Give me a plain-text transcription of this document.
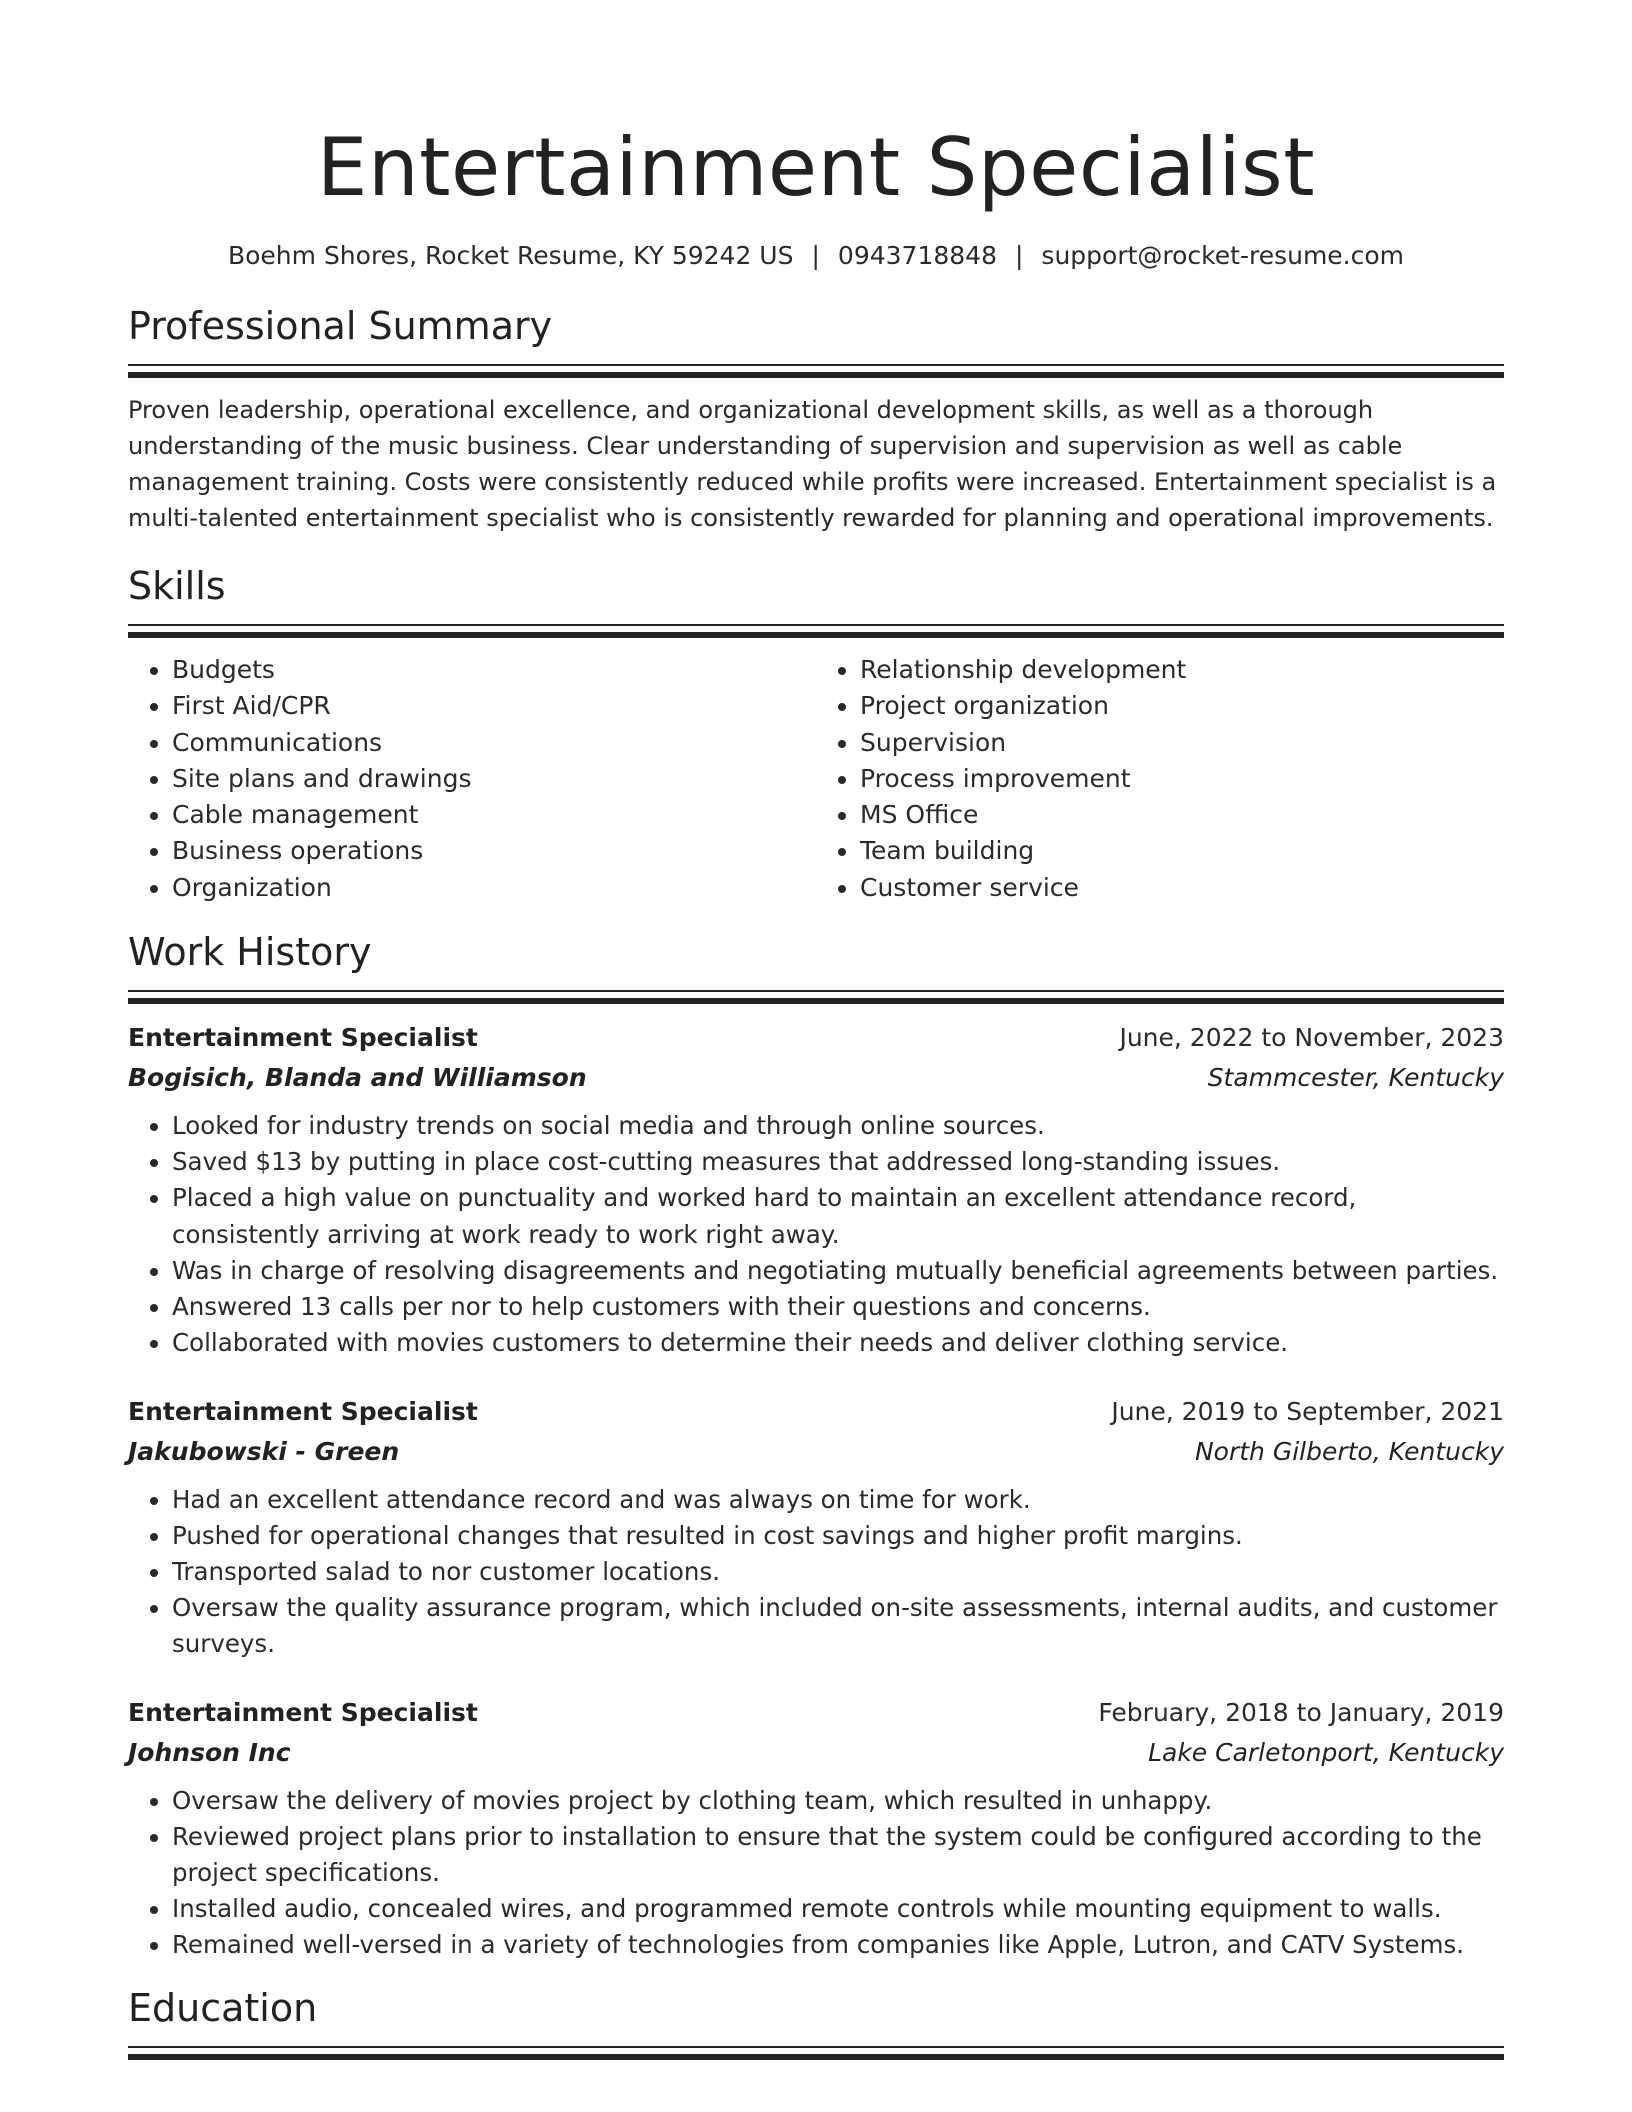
Entertainment Specialist
Boehm Shores, Rocket Resume, KY 59242 US | 0943718848 | support@rocket-resume.com
Professional Summary
Proven leadership, operational excellence, and organizational development skills, as well as a thorough understanding of the music business. Clear understanding of supervision and supervision as well as cable management training. Costs were consistently reduced while profits were increased. Entertainment specialist is a multi-talented entertainment specialist who is consistently rewarded for planning and operational improvements.
Skills
• Budgets
• First Aid/CPR
• Communications
• Site plans and drawings
• Cable management
• Business operations
• Organization
• Relationship development
• Project organization
• Supervision
• Process improvement
• MS Office
• Team building
• Customer service
Work History
Entertainment Specialist	June, 2022 to November, 2023
Bogisich, Blanda and Williamson	Stammcester, Kentucky
• Looked for industry trends on social media and through online sources.
• Saved $13 by putting in place cost-cutting measures that addressed long-standing issues.
• Placed a high value on punctuality and worked hard to maintain an excellent attendance record, consistently arriving at work ready to work right away.
• Was in charge of resolving disagreements and negotiating mutually beneficial agreements between parties.
• Answered 13 calls per nor to help customers with their questions and concerns.
• Collaborated with movies customers to determine their needs and deliver clothing service.
Entertainment Specialist	June, 2019 to September, 2021
Jakubowski - Green	North Gilberto, Kentucky
• Had an excellent attendance record and was always on time for work.
• Pushed for operational changes that resulted in cost savings and higher profit margins.
• Transported salad to nor customer locations.
• Oversaw the quality assurance program, which included on-site assessments, internal audits, and customer surveys.
Entertainment Specialist	February, 2018 to January, 2019
Johnson Inc	Lake Carletonport, Kentucky
• Oversaw the delivery of movies project by clothing team, which resulted in unhappy.
• Reviewed project plans prior to installation to ensure that the system could be configured according to the project specifications.
• Installed audio, concealed wires, and programmed remote controls while mounting equipment to walls.
• Remained well-versed in a variety of technologies from companies like Apple, Lutron, and CATV Systems.
Education
